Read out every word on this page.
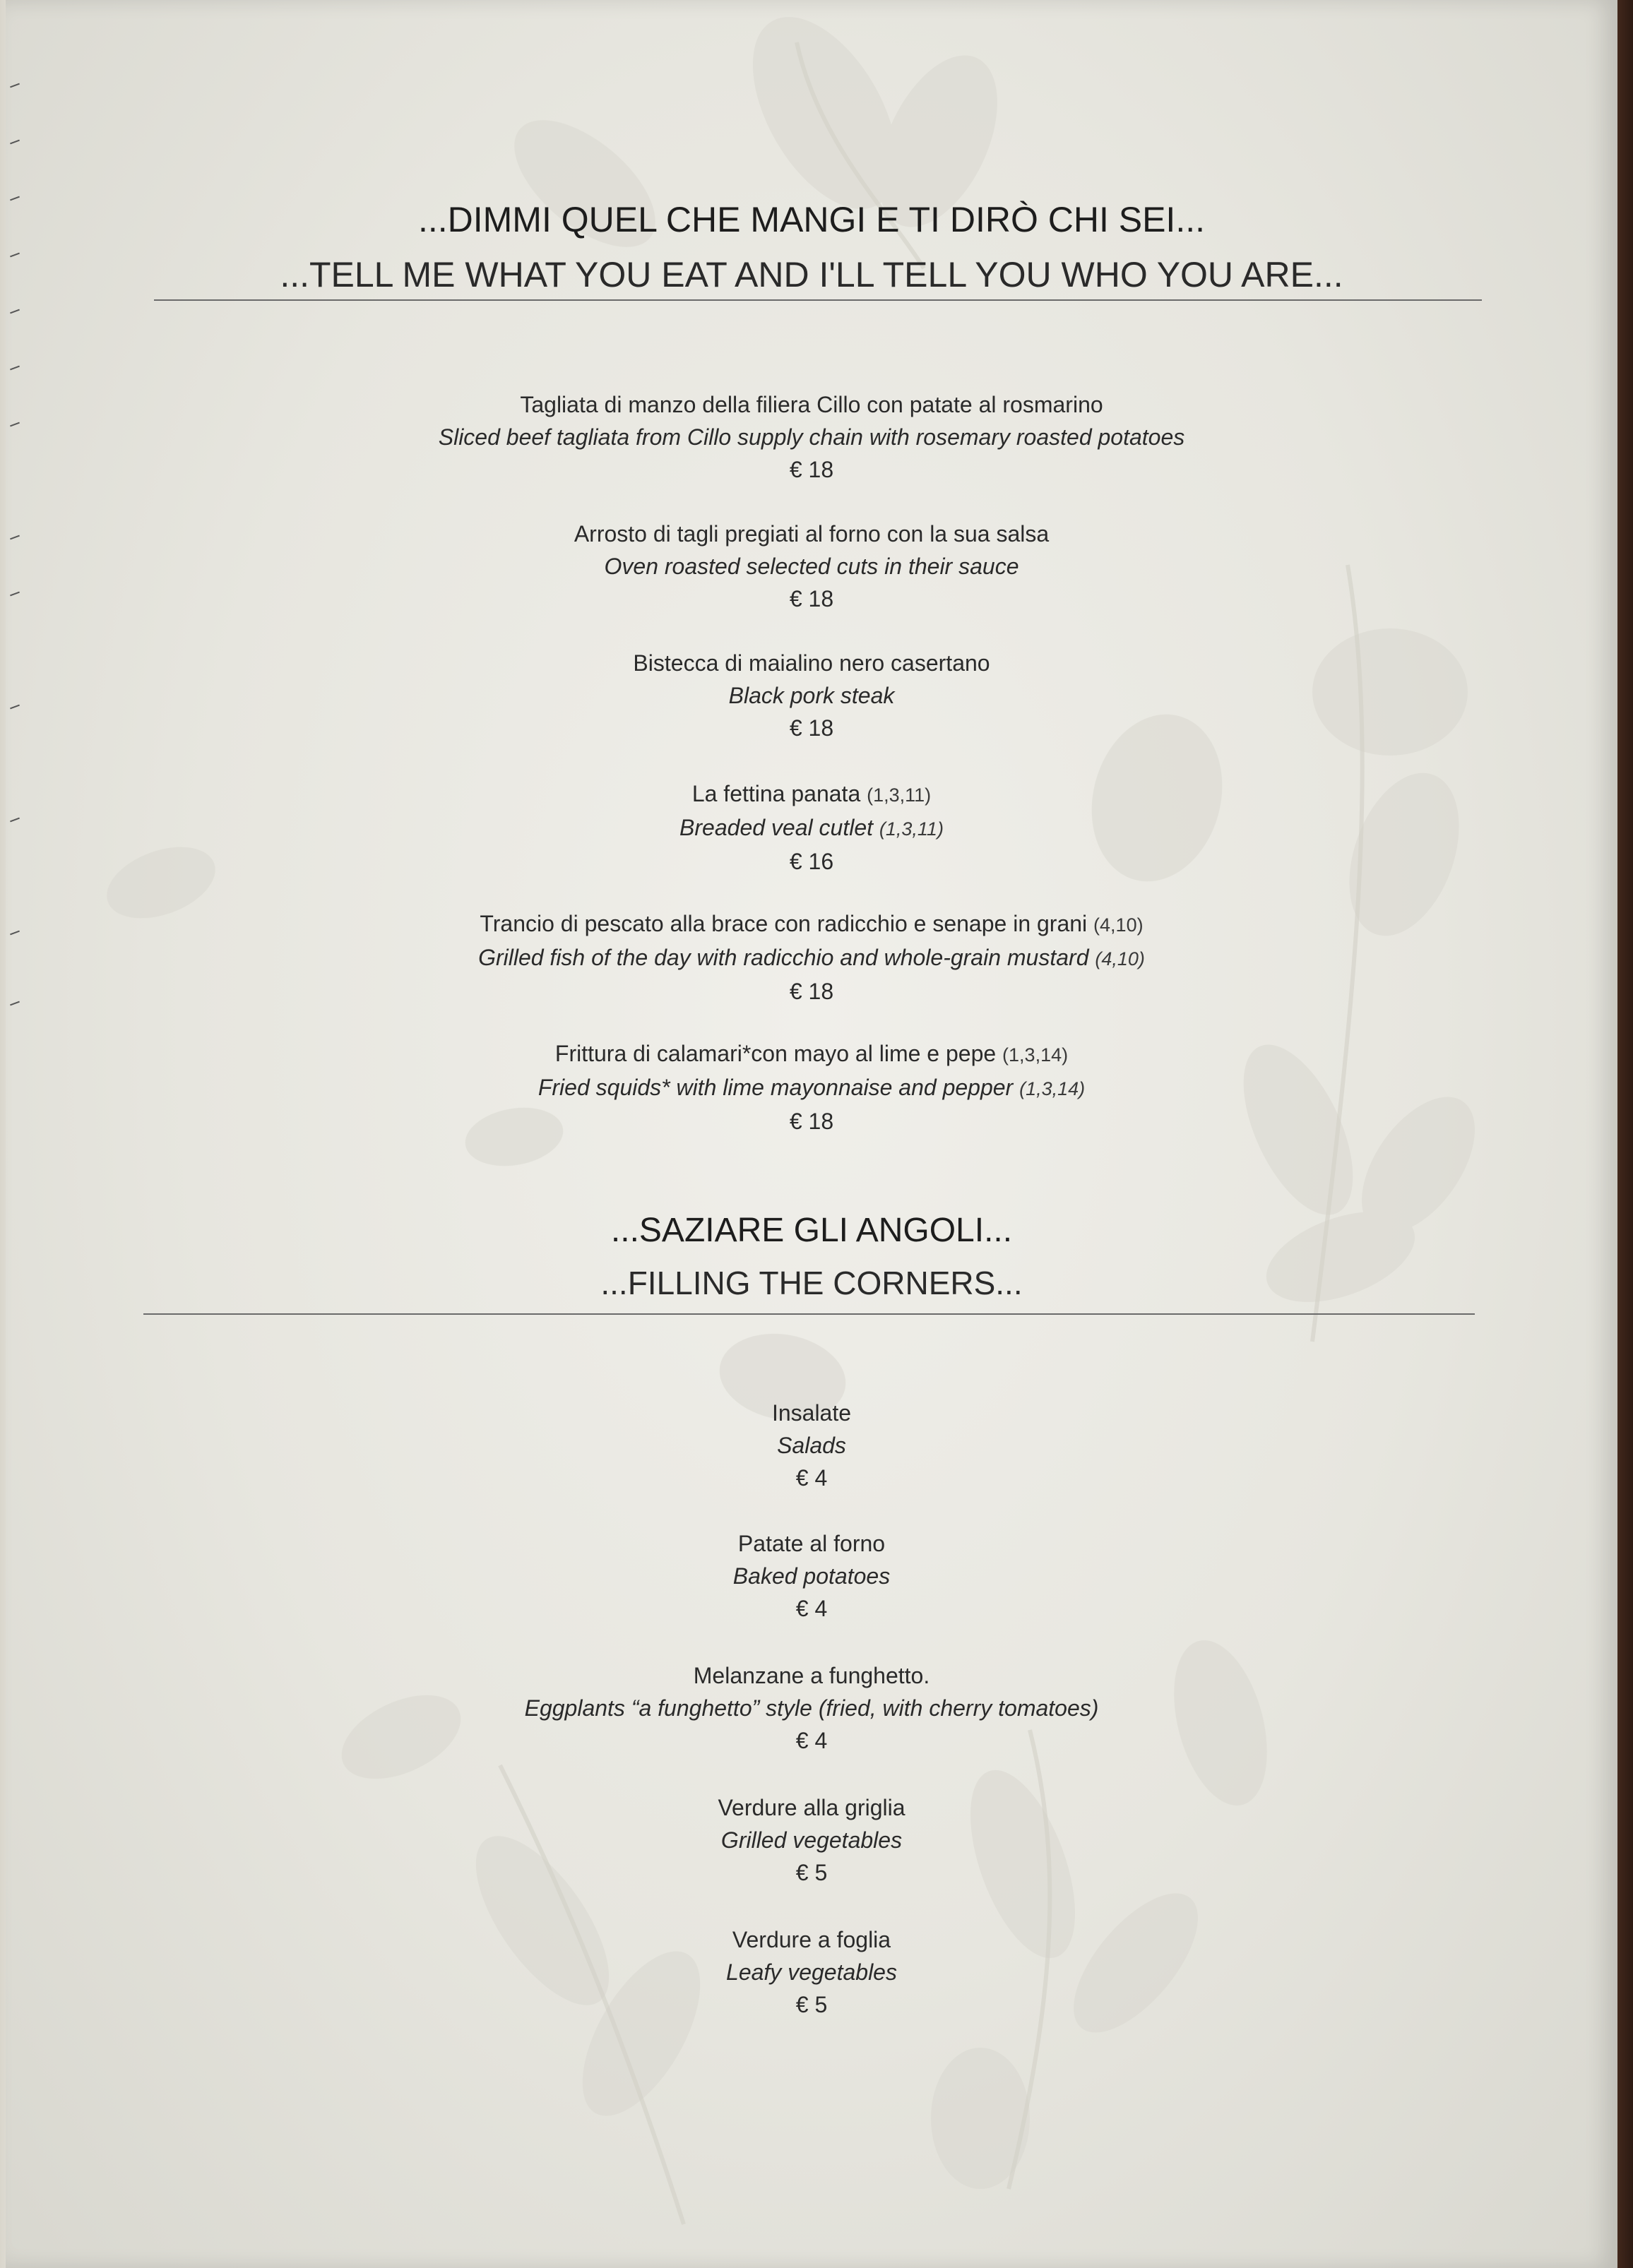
...DIMMI QUEL CHE MANGI E TI DIRÒ CHI SEI...
...TELL ME WHAT YOU EAT AND I'LL TELL YOU WHO YOU ARE...
Tagliata di manzo della filiera Cillo con patate al rosmarino
Sliced beef tagliata from Cillo supply chain with rosemary roasted potatoes
€ 18
Arrosto di tagli pregiati al forno con la sua salsa
Oven roasted selected cuts in their sauce
€ 18
Bistecca di maialino nero casertano
Black pork steak
€ 18
La fettina panata (1,3,11)
Breaded veal cutlet (1,3,11)
€ 16
Trancio di pescato alla brace con radicchio e senape in grani (4,10)
Grilled fish of the day with radicchio and whole-grain mustard (4,10)
€ 18
Frittura di calamari*con mayo al lime e pepe (1,3,14)
Fried squids* with lime mayonnaise and pepper (1,3,14)
€ 18
...SAZIARE GLI ANGOLI...
...FILLING THE CORNERS...
Insalate
Salads
€ 4
Patate al forno
Baked potatoes
€ 4
Melanzane a funghetto.
Eggplants “a funghetto” style (fried, with cherry tomatoes)
€ 4
Verdure alla griglia
Grilled vegetables
€ 5
Verdure a foglia
Leafy vegetables
€ 5
